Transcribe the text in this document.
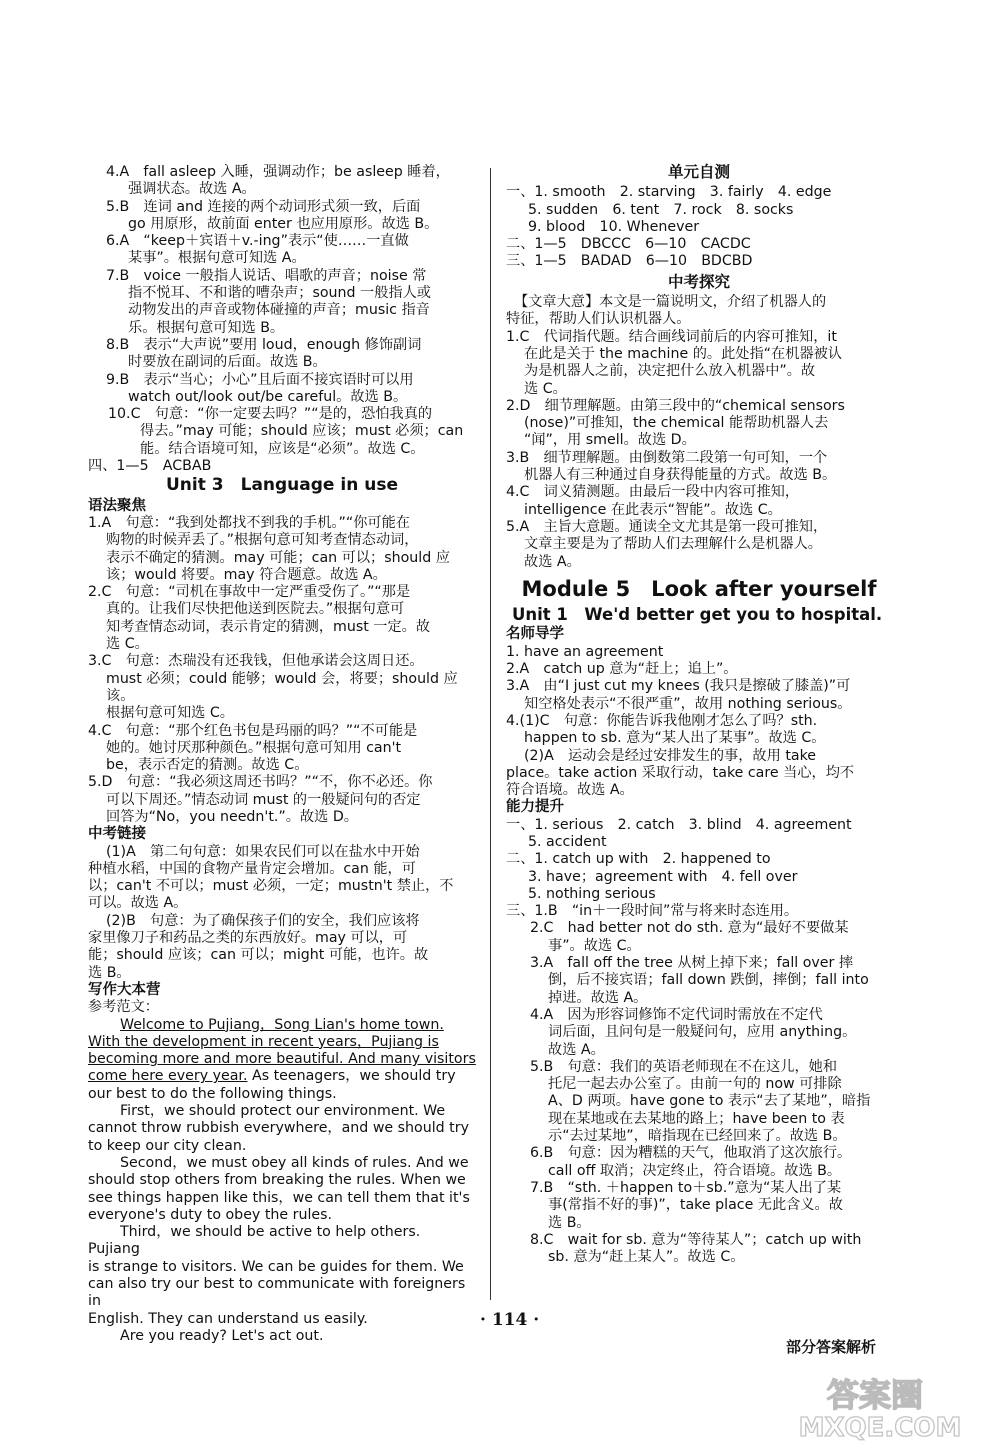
4.A　fall asleep 入睡，强调动作；be asleep 睡着，
强调状态。故选 A。

5.B　连词 and 连接的两个动词形式须一致，后面
go 用原形，故前面 enter 也应用原形。故选 B。

6.A　“keep＋宾语＋v.-ing”表示“使……一直做
某事”。根据句意可知选 A。

7.B　voice 一般指人说话、唱歌的声音；noise 常
指不悦耳、不和谐的嘈杂声；sound 一般指人或
动物发出的声音或物体碰撞的声音；music 指音
乐。根据句意可知选 B。

8.B　表示“大声说”要用 loud，enough 修饰副词
时要放在副词的后面。故选 B。

9.B　表示“当心；小心”且后面不接宾语时可以用
watch out/look out/be careful。故选 B。

10.C　句意：“你一定要去吗？”“是的，恐怕我真的
得去。”may 可能；should 应该；must 必须；can
能。结合语境可知，应该是“必须”。故选 C。

四、1—5　ACBAB

Unit 3　Language in use
语法聚焦

1.A　句意：“我到处都找不到我的手机。”“你可能在
购物的时候弄丢了。”根据句意可知考查情态动词，
表示不确定的猜测。may 可能；can 可以；should 应
该；would 将要。may 符合题意。故选 A。

2.C　句意：“司机在事故中一定严重受伤了。”“那是
真的。让我们尽快把他送到医院去。”根据句意可
知考查情态动词，表示肯定的猜测，must 一定。故
选 C。

3.C　句意：杰瑞没有还我钱，但他承诺会这周日还。
must 必须；could 能够；would 会，将要；should 应该。
根据句意可知选 C。

4.C　句意：“那个红色书包是玛丽的吗？”“不可能是
她的。她讨厌那种颜色。”根据句意可知用 can't
be，表示否定的猜测。故选 C。

5.D　句意：“我必须这周还书吗？”“不，你不必还。你
可以下周还。”情态动词 must 的一般疑问句的否定
回答为“No，you needn't.”。故选 D。

中考链接

(1)A　第二句句意：如果农民们可以在盐水中开始

种植水稻，中国的食物产量肯定会增加。can 能，可
以；can't 不可以；must 必须，一定；mustn't 禁止，不
可以。故选 A。

(2)B　句意：为了确保孩子们的安全，我们应该将

家里像刀子和药品之类的东西放好。may 可以，可
能；should 应该；can 可以；might 可能，也许。故
选 B。

写作大本营

参考范文：

Welcome to Pujiang，Song Lian's home town.
With the development in recent years，Pujiang is
becoming more and more beautiful. And many visitors
come here every year. As teenagers，we should try
our best to do the following things.

First，we should protect our environment. We
cannot throw rubbish everywhere，and we should try
to keep our city clean.

Second，we must obey all kinds of rules. And we
should stop others from breaking the rules. When we
see things happen like this，we can tell them that it's
everyone's duty to obey the rules.

Third，we should be active to help others. Pujiang
is strange to visitors. We can be guides for them. We
can also try our best to communicate with foreigners in
English. They can understand us easily.

Are you ready? Let's act out.

单元自测

一、1. smooth　2. starving　3. fairly　4. edge

5. sudden　6. tent　7. rock　8. socks

9. blood　10. Whenever

二、1—5　DBCCC　6—10　CACDC

三、1—5　BADAD　6—10　BDCBD

中考探究

【文章大意】本文是一篇说明文，介绍了机器人的
特征，帮助人们认识机器人。

1.C　代词指代题。结合画线词前后的内容可推知，it
在此是关于 the machine 的。此处指“在机器被认
为是机器人之前，决定把什么放入机器中”。故
选 C。

2.D　细节理解题。由第三段中的“chemical sensors
(nose)”可推知，the chemical 能帮助机器人去
“闻”，用 smell。故选 D。

3.B　细节理解题。由倒数第二段第一句可知，一个
机器人有三种通过自身获得能量的方式。故选 B。

4.C　词义猜测题。由最后一段中内容可推知，
intelligence 在此表示“智能”。故选 C。

5.A　主旨大意题。通读全文尤其是第一段可推知，
文章主要是为了帮助人们去理解什么是机器人。
故选 A。

Module 5　Look after yourself
Unit 1　We'd better get you to hospital.
名师导学

1. have an agreement

2.A　catch up 意为“赶上；追上”。

3.A　由“I just cut my knees (我只是擦破了膝盖)”可
知空格处表示“不很严重”，故用 nothing serious。

4.(1)C　句意：你能告诉我他刚才怎么了吗？sth.
happen to sb. 意为“某人出了某事”。故选 C。

(2)A　运动会是经过安排发生的事，故用 take
place。take action 采取行动，take care 当心，均不
符合语境。故选 A。

能力提升

一、1. serious　2. catch　3. blind　4. agreement

5. accident

二、1. catch up with　2. happened to

3. have；agreement with　4. fell over

5. nothing serious

三、1.B　“in＋一段时间”常与将来时态连用。

2.C　had better not do sth. 意为“最好不要做某
事”。故选 C。

3.A　fall off the tree 从树上掉下来；fall over 摔
倒，后不接宾语；fall down 跌倒，摔倒；fall into
掉进。故选 A。

4.A　因为形容词修饰不定代词时需放在不定代
词后面，且问句是一般疑问句，应用 anything。
故选 A。

5.B　句意：我们的英语老师现在不在这儿，她和
托尼一起去办公室了。由前一句的 now 可排除
A、D 两项。have gone to 表示“去了某地”，暗指
现在某地或在去某地的路上；have been to 表
示“去过某地”，暗指现在已经回来了。故选 B。

6.B　句意：因为糟糕的天气，他取消了这次旅行。
call off 取消；决定终止，符合语境。故选 B。

7.B　“sth. ＋happen to＋sb.”意为“某人出了某
事(常指不好的事)”，take place 无此含义。故
选 B。

8.C　wait for sb. 意为“等待某人”；catch up with
sb. 意为“赶上某人”。故选 C。

· 114 ·
部分答案解析
答案圈
MXQE.COM
